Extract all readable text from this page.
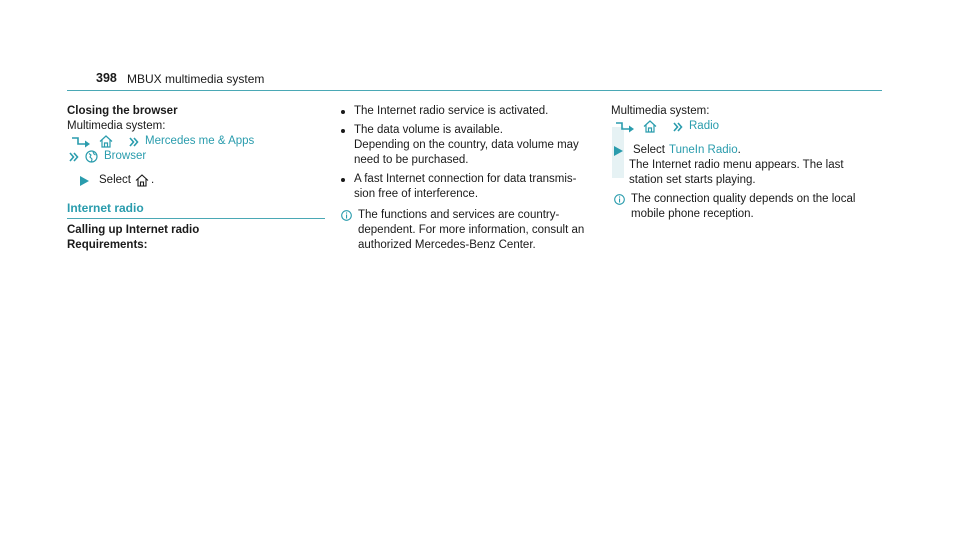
398 MBUX multimedia system
Closing the browser
Multimedia system:
Mercedes me & Apps
Browser
Select .
Internet radio
Calling up Internet radio
Requirements:
The Internet radio service is activated.
The data volume is available.
Depending on the country, data volume may
need to be purchased.
A fast Internet connection for data transmis-
sion free of interference.
The functions and services are country-
dependent. For more information, consult an
authorized Mercedes-Benz Center.
Multimedia system:
Radio
Select TuneIn Radio .
The Internet radio menu appears. The last
station set starts playing.
The connection quality depends on the local
mobile phone reception.
